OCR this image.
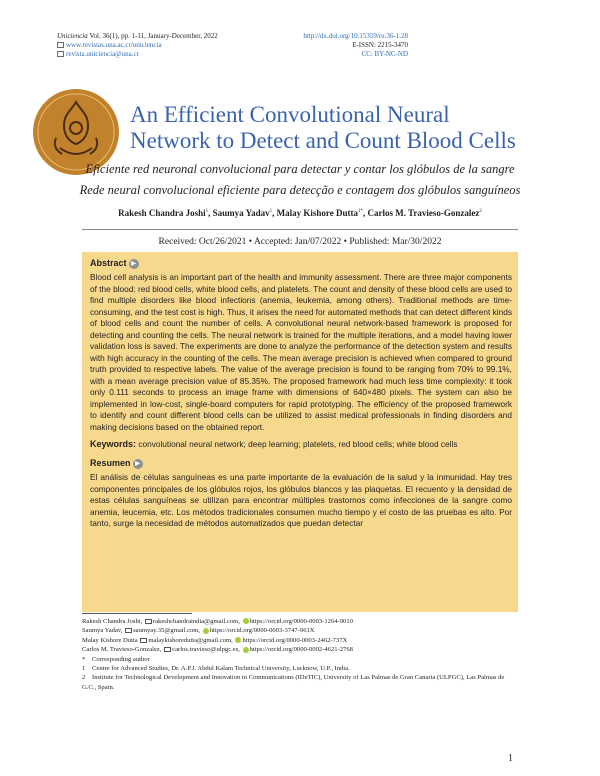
Uniciencia Vol. 36(1), pp. 1-11, January-December, 2022
www.revistas.una.ac.cr/uniciencia
revista.uniciencia@una.cr
http://dx.doi.org/10.15359/ru.36-1.28
E-ISSN: 2215-3470
CC: BY-NC-ND
An Efficient Convolutional Neural
Network to Detect and Count Blood Cells
Eficiente red neuronal convolucional para detectar y contar los glóbulos de la sangre
Rede neural convolucional eficiente para detecção e contagem dos glóbulos sanguíneos
Rakesh Chandra Joshi$^1$, Saumya Yadav$^1$, Malay Kishore Dutta$^{1*}$, Carlos M. Travieso-Gonzalez$^2$
Received: Oct/26/2021 • Accepted: Jan/07/2022 • Published: Mar/30/2022
Abstract ▶
Blood cell analysis is an important part of the health and immunity assessment. There are three major components of the blood: red blood cells, white blood cells, and platelets. The count and density of these blood cells are used to find multiple disorders like blood infections (anemia, leukemia, among others). Traditional methods are time-consuming, and the test cost is high. Thus, it arises the need for automated methods that can detect different kinds of blood cells and count the number of cells. A convolutional neural network-based framework is proposed for detecting and counting the cells. The neural network is trained for the multiple iterations, and a model having lower validation loss is saved. The experiments are done to analyze the performance of the detection system and results with high accuracy in the counting of the cells. The mean average precision is achieved when compared to ground truth provided to respective labels. The value of the average precision is found to be ranging from 70% to 99.1%, with a mean average precision value of 85.35%. The proposed framework had much less time complexity: it took only 0.111 seconds to process an image frame with dimensions of 640×480 pixels. The system can also be implemented in low-cost, single-board computers for rapid prototyping. The efficiency of the proposed framework to identify and count different blood cells can be utilized to assist medical professionals in finding disorders and making decisions based on the obtained report.
Keywords: convolutional neural network; deep learning; platelets, red blood cells; white blood cells
Resumen ▶
El análisis de células sanguíneas es una parte importante de la evaluación de la salud y la inmunidad. Hay tres componentes principales de los glóbulos rojos, los glóbulos blancos y las plaquetas. El recuento y la densidad de estas células sanguíneas se utilizan para encontrar múltiples trastornos como infecciones de la sangre como anemia, leucemia, etc. Los métodos tradicionales consumen mucho tiempo y el costo de las pruebas es alto. Por tanto, surge la necesidad de métodos automatizados que puedan detectar
Rakesh Chandra Joshi, rakeshchandraindia@gmail.com, https://orcid.org/0000-0003-1264-9010
Saumya Yadav, saumyay.35@gmail.com, https://orcid.org/0000-0003-3747-961X
Malay Kishore Dutta malaykishoredutta@gmail.com, https://orcid.org/0000-0003-2462-737X
Carlos M. Travieso-Gonzalez, carlos.travieso@ulpgc.es, https://orcid.org/0000-0002-4621-2768
* Corresponding author
1 Centre for Advanced Studies, Dr. A.P.J. Abdul Kalam Technical University, Lucknow, U.P., India.
2 Institute for Technological Development and Innovation in Communications (IDeTIC), University of Las Palmas de Gran Canaria (ULPGC), Las Palmas de G.C., Spain.
1
